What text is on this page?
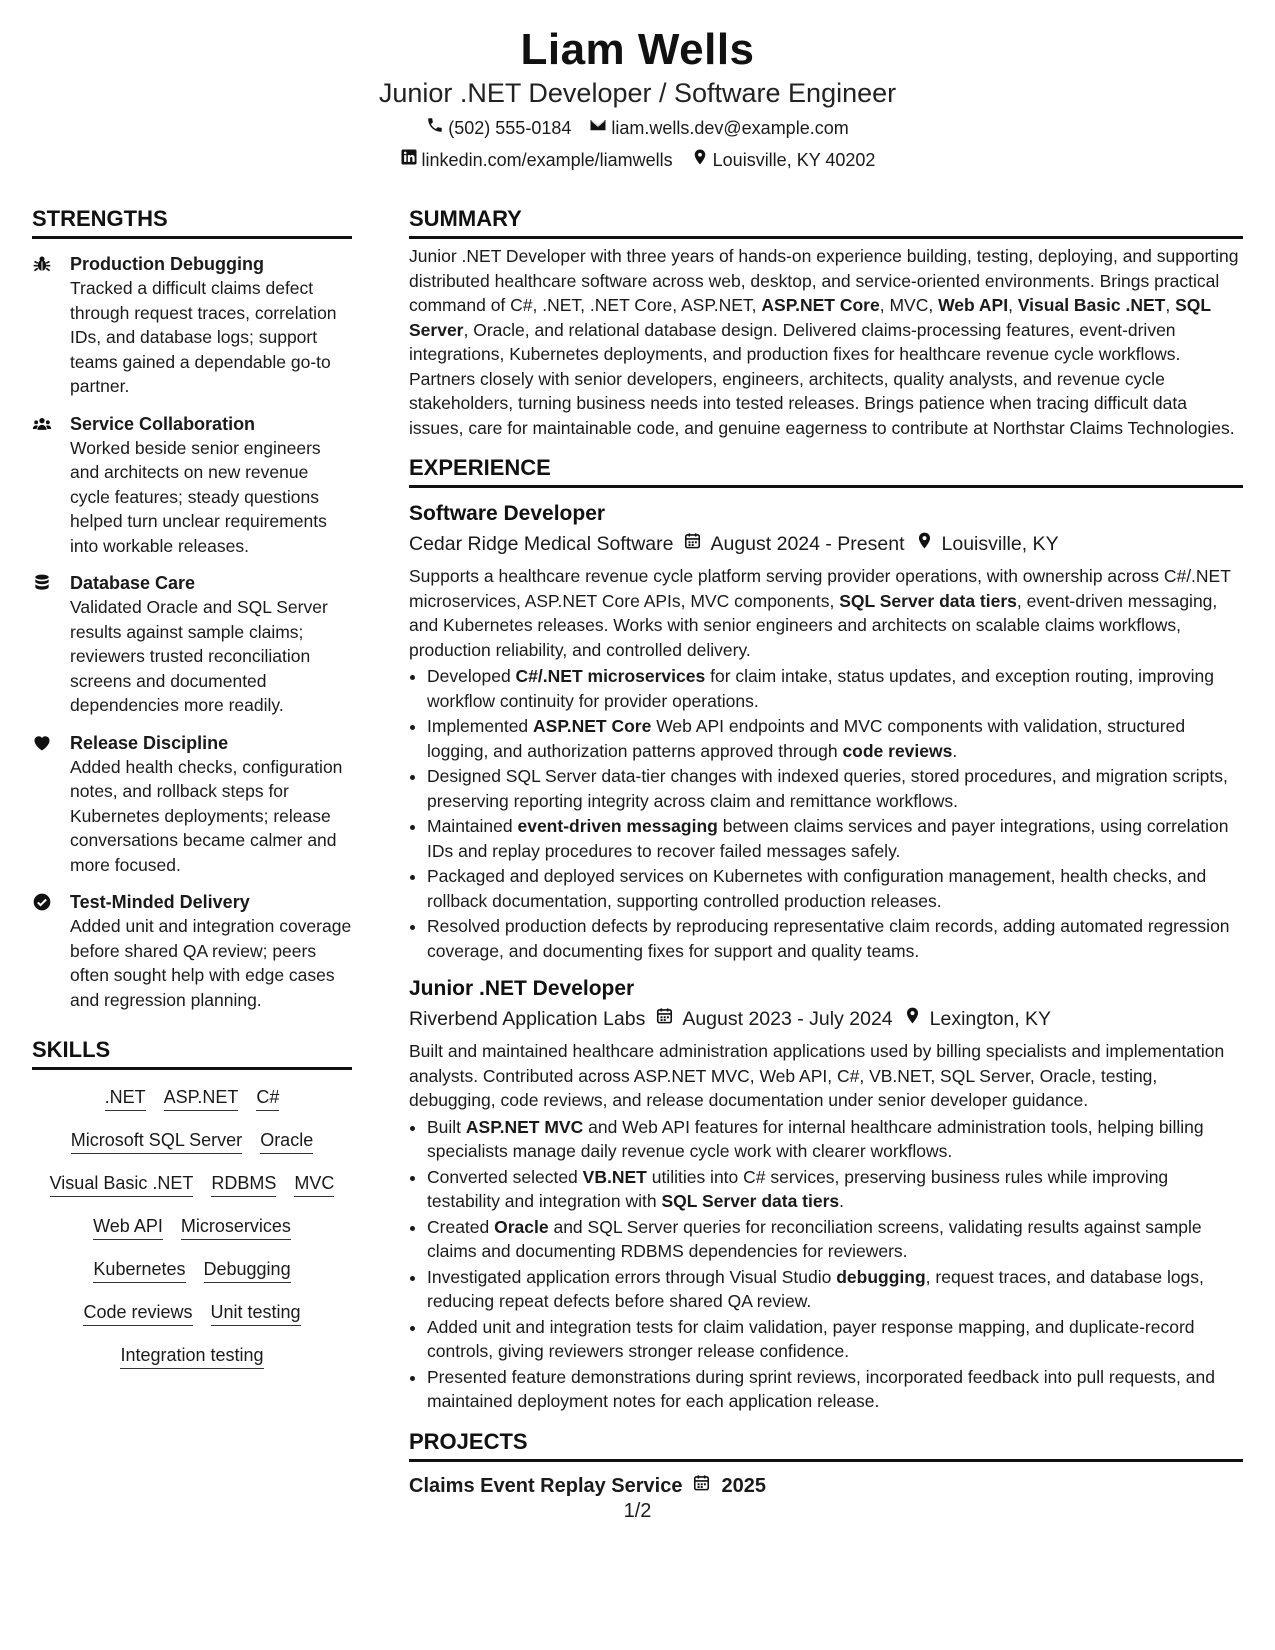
Liam Wells
Junior .NET Developer / Software Engineer
(502) 555-0184 liam.wells.dev@example.com
linkedin.com/example/liamwells Louisville, KY 40202
STRENGTHS
Production Debugging
Tracked a difficult claims defect through request traces, correlation IDs, and database logs; support teams gained a dependable go-to partner.
Service Collaboration
Worked beside senior engineers and architects on new revenue cycle features; steady questions helped turn unclear requirements into workable releases.
Database Care
Validated Oracle and SQL Server results against sample claims; reviewers trusted reconciliation screens and documented dependencies more readily.
Release Discipline
Added health checks, configuration notes, and rollback steps for Kubernetes deployments; release conversations became calmer and more focused.
Test-Minded Delivery
Added unit and integration coverage before shared QA review; peers often sought help with edge cases and regression planning.
SKILLS
.NET ASP.NET C#
Microsoft SQL Server Oracle
Visual Basic .NET RDBMS MVC
Web API Microservices
Kubernetes Debugging
Code reviews Unit testing
Integration testing
SUMMARY

Junior .NET Developer with three years of hands-on experience building, testing, deploying, and supporting distributed healthcare software across web, desktop, and service-oriented environments. Brings practical command of C#, .NET, .NET Core, ASP.NET, ASP.NET Core, MVC, Web API, Visual Basic .NET, SQL Server, Oracle, and relational database design. Delivered claims-processing features, event-driven integrations, Kubernetes deployments, and production fixes for healthcare revenue cycle workflows. Partners closely with senior developers, engineers, architects, quality analysts, and revenue cycle stakeholders, turning business needs into tested releases. Brings patience when tracing difficult data issues, care for maintainable code, and genuine eagerness to contribute at Northstar Claims Technologies.

EXPERIENCE
Software Developer
Cedar Ridge Medical Software August 2024 - Present Louisville, KY

Supports a healthcare revenue cycle platform serving provider operations, with ownership across C#/.NET microservices, ASP.NET Core APIs, MVC components, SQL Server data tiers, event-driven messaging, and Kubernetes releases. Works with senior engineers and architects on scalable claims workflows, production reliability, and controlled delivery.

• Developed C#/.NET microservices for claim intake, status updates, and exception routing, improving workflow continuity for provider operations.
• Implemented ASP.NET Core Web API endpoints and MVC components with validation, structured logging, and authorization patterns approved through code reviews.
• Designed SQL Server data-tier changes with indexed queries, stored procedures, and migration scripts, preserving reporting integrity across claim and remittance workflows.
• Maintained event-driven messaging between claims services and payer integrations, using correlation IDs and replay procedures to recover failed messages safely.
• Packaged and deployed services on Kubernetes with configuration management, health checks, and rollback documentation, supporting controlled production releases.
• Resolved production defects by reproducing representative claim records, adding automated regression coverage, and documenting fixes for support and quality teams.
Junior .NET Developer
Riverbend Application Labs August 2023 - July 2024 Lexington, KY

Built and maintained healthcare administration applications used by billing specialists and implementation analysts. Contributed across ASP.NET MVC, Web API, C#, VB.NET, SQL Server, Oracle, testing, debugging, code reviews, and release documentation under senior developer guidance.

• Built ASP.NET MVC and Web API features for internal healthcare administration tools, helping billing specialists manage daily revenue cycle work with clearer workflows.
• Converted selected VB.NET utilities into C# services, preserving business rules while improving testability and integration with SQL Server data tiers.
• Created Oracle and SQL Server queries for reconciliation screens, validating results against sample claims and documenting RDBMS dependencies for reviewers.
• Investigated application errors through Visual Studio debugging, request traces, and database logs, reducing repeat defects before shared QA review.
• Added unit and integration tests for claim validation, payer response mapping, and duplicate-record controls, giving reviewers stronger release confidence.
• Presented feature demonstrations during sprint reviews, incorporated feedback into pull requests, and maintained deployment notes for each application release.
PROJECTS
Claims Event Replay Service 2025
1/2
